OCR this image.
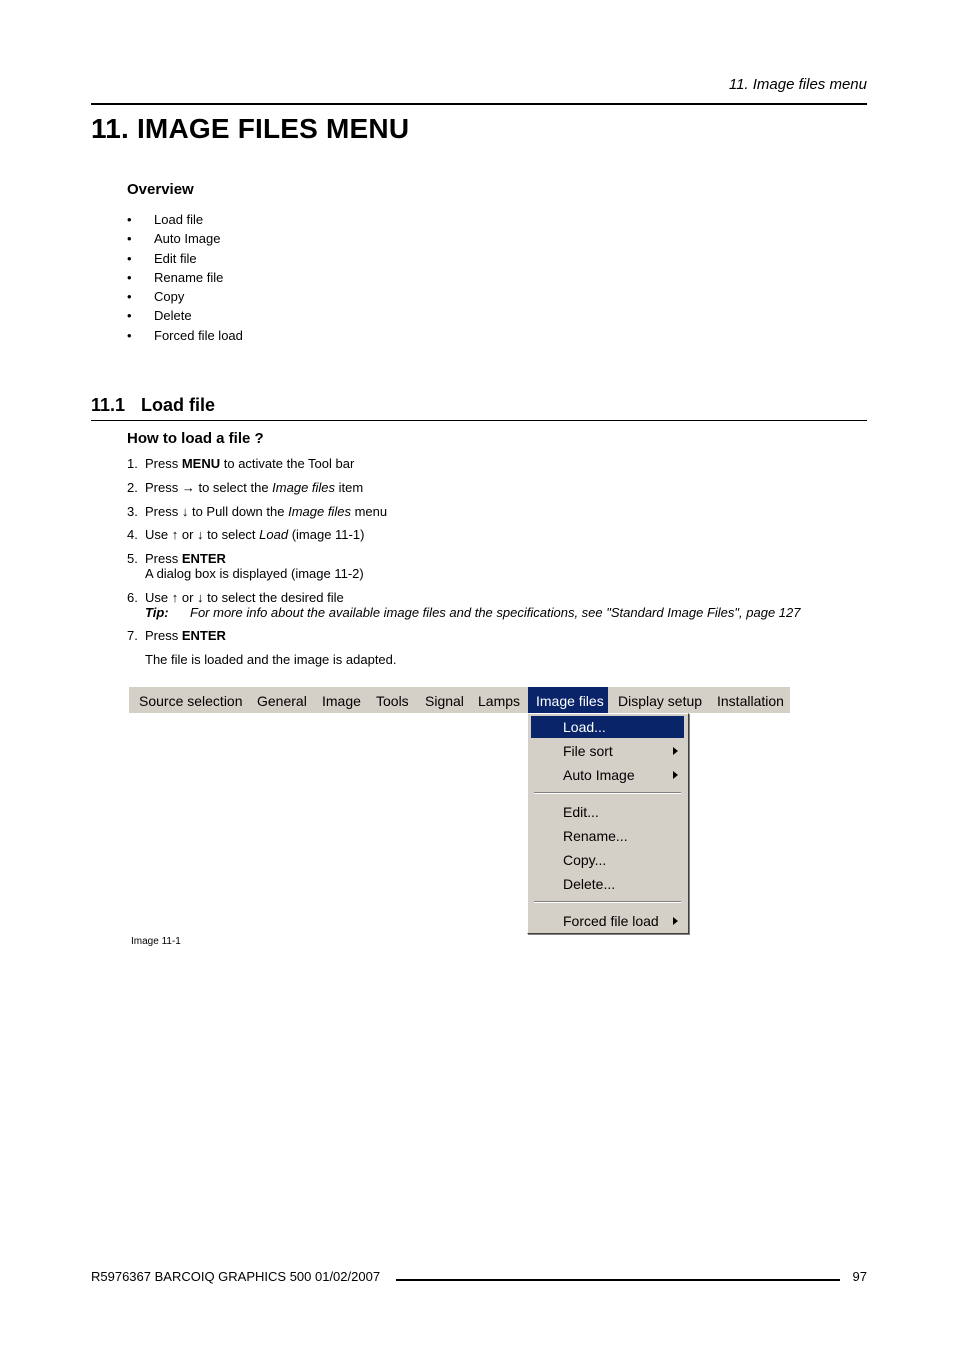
11. Image files menu
11. IMAGE FILES MENU
Overview
• Load file
• Auto Image
• Edit file
• Rename file
• Copy
• Delete
• Forced file load
11.1 Load file
How to load a file ?
1. Press MENU to activate the Tool bar
2. Press → to select the Image files item
3. Press ↓ to Pull down the Image files menu
4. Use ↑ or ↓ to select Load (image 11-1)
5. Press ENTER
A dialog box is displayed (image 11-2)
6. Use ↑ or ↓ to select the desired file
Tip: For more info about the available image files and the specifications, see "Standard Image Files", page 127
7. Press ENTER
The file is loaded and the image is adapted.
Source selection General Image Tools Signal Lamps	Image files	Display setup Installation
Load...
File sort
Auto Image
Edit...
Rename...
Copy...
Delete...
Forced file load
Image 11-1
R5976367 BARCOIQ GRAPHICS 500 01/02/2007	97
